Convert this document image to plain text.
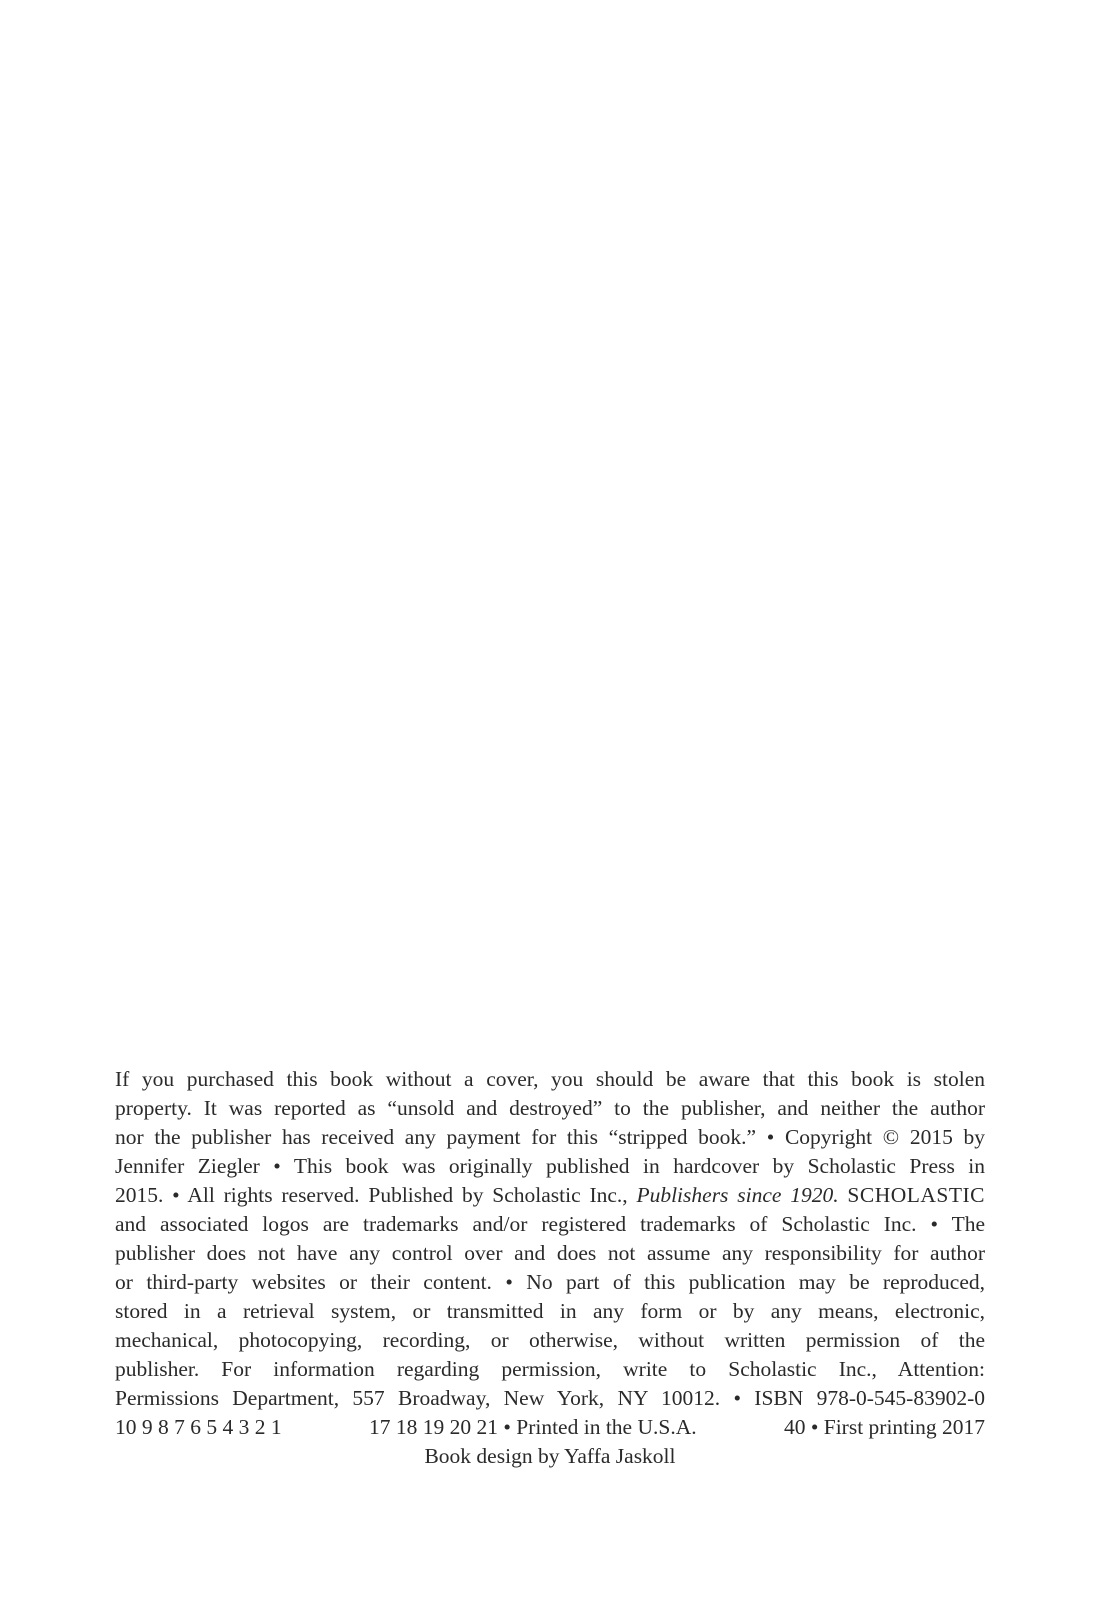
If you purchased this book without a cover, you should be aware that this book is stolen
property. It was reported as “unsold and destroyed” to the publisher, and neither the author
nor the publisher has received any payment for this “stripped book.” • Copyright © 2015 by
Jennifer Ziegler • This book was originally published in hardcover by Scholastic Press in
2015. • All rights reserved. Published by Scholastic Inc., Publishers since 1920. SCHOLASTIC
and associated logos are trademarks and/or registered trademarks of Scholastic Inc. • The
publisher does not have any control over and does not assume any responsibility for author
or third-party websites or their content. • No part of this publication may be reproduced,
stored in a retrieval system, or transmitted in any form or by any means, electronic,
mechanical, photocopying, recording, or otherwise, without written permission of the
publisher. For information regarding permission, write to Scholastic Inc., Attention:
Permissions Department, 557 Broadway, New York, NY 10012. • ISBN 978-0-545-83902-0
10 9 8 7 6 5 4 3 2 1	17 18 19 20 21 • Printed in the U.S.A.	40 • First printing 2017
Book design by Yaffa Jaskoll
